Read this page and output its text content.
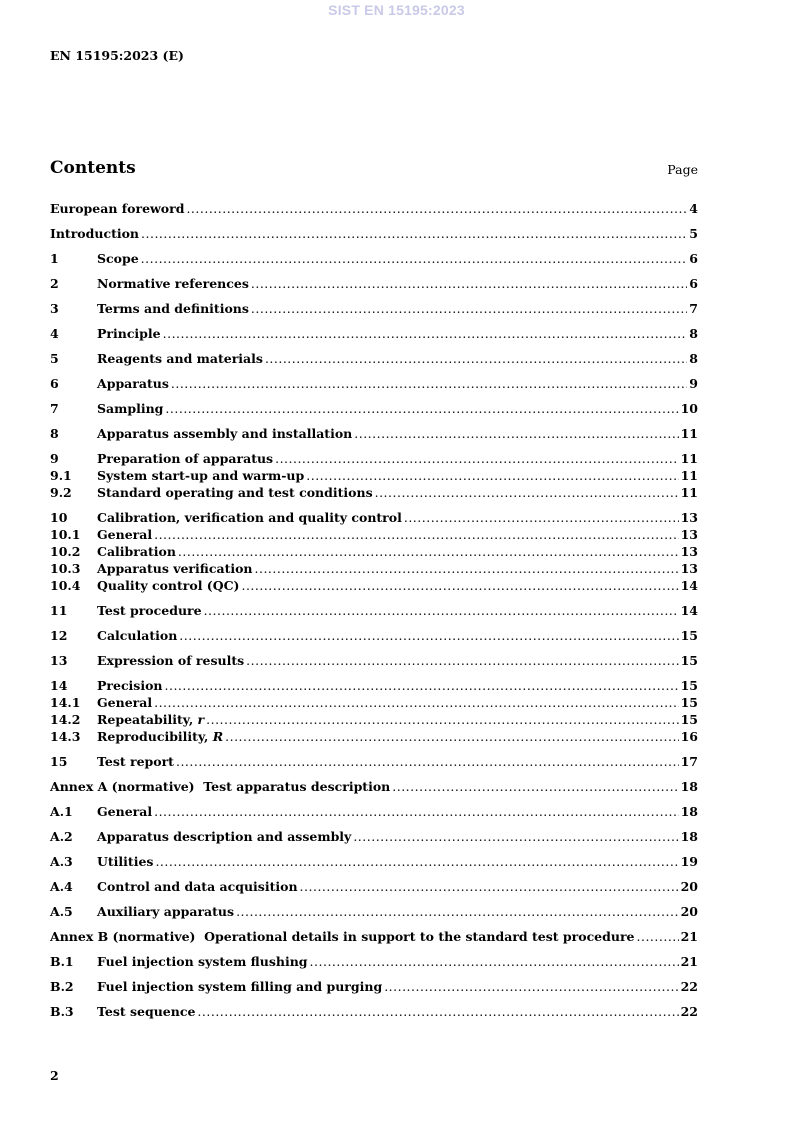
SIST EN 15195:2023
EN 15195:2023 (E)
Contents	Page
European foreword .....	4
Introduction .....	5
1	Scope .....	6
2	Normative references .....	6
3	Terms and definitions .....	7
4	Principle .....	8
5	Reagents and materials .....	8
6	Apparatus .....	9
7	Sampling .....	10
8	Apparatus assembly and installation .....	11
9	Preparation of apparatus .....	11
9.1	System start-up and warm-up .....	11
9.2	Standard operating and test conditions .....	11
10	Calibration, verification and quality control .....	13
10.1	General .....	13
10.2	Calibration .....	13
10.3	Apparatus verification .....	13
10.4	Quality control (QC) .....	14
11	Test procedure .....	14
12	Calculation .....	15
13	Expression of results .....	15
14	Precision .....	15
14.1	General .....	15
14.2	Repeatability, r .....	15
14.3	Reproducibility, R .....	16
15	Test report .....	17
Annex A (normative)  Test apparatus description .....	18
A.1	General .....	18
A.2	Apparatus description and assembly .....	18
A.3	Utilities .....	19
A.4	Control and data acquisition .....	20
A.5	Auxiliary apparatus .....	20
Annex B (normative)  Operational details in support to the standard test procedure .....	21
B.1	Fuel injection system flushing .....	21
B.2	Fuel injection system filling and purging .....	22
B.3	Test sequence .....	22
2
